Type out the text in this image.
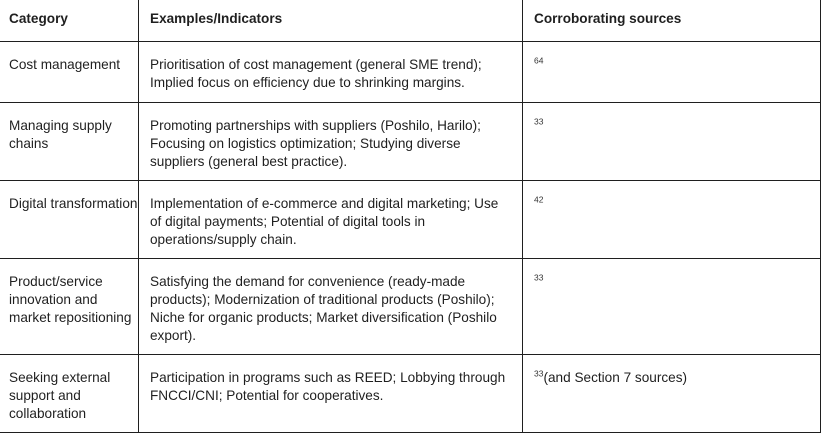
Category	Examples/Indicators	Corroborating sources

Cost management	Prioritisation of cost management (general SME trend); Implied focus on efficiency due to shrinking margins.	$^{64}$

Managing supply chains	Promoting partnerships with suppliers (Poshilo, Harilo); Focusing on logistics optimization; Studying diverse suppliers (general best practice).	$^{33}$

Digital transformation	Implementation of e-commerce and digital marketing; Use of digital payments; Potential of digital tools in operations/supply chain.	$^{42}$

Product/service innovation and market repositioning	Satisfying the demand for convenience (ready-made products); Modernization of traditional products (Poshilo); Niche for organic products; Market diversification (Poshilo export).	$^{33}$

Seeking external support and collaboration	Participation in programs such as REED; Lobbying through FNCCI/CNI; Potential for cooperatives.	$^{33}$(and Section 7 sources)
